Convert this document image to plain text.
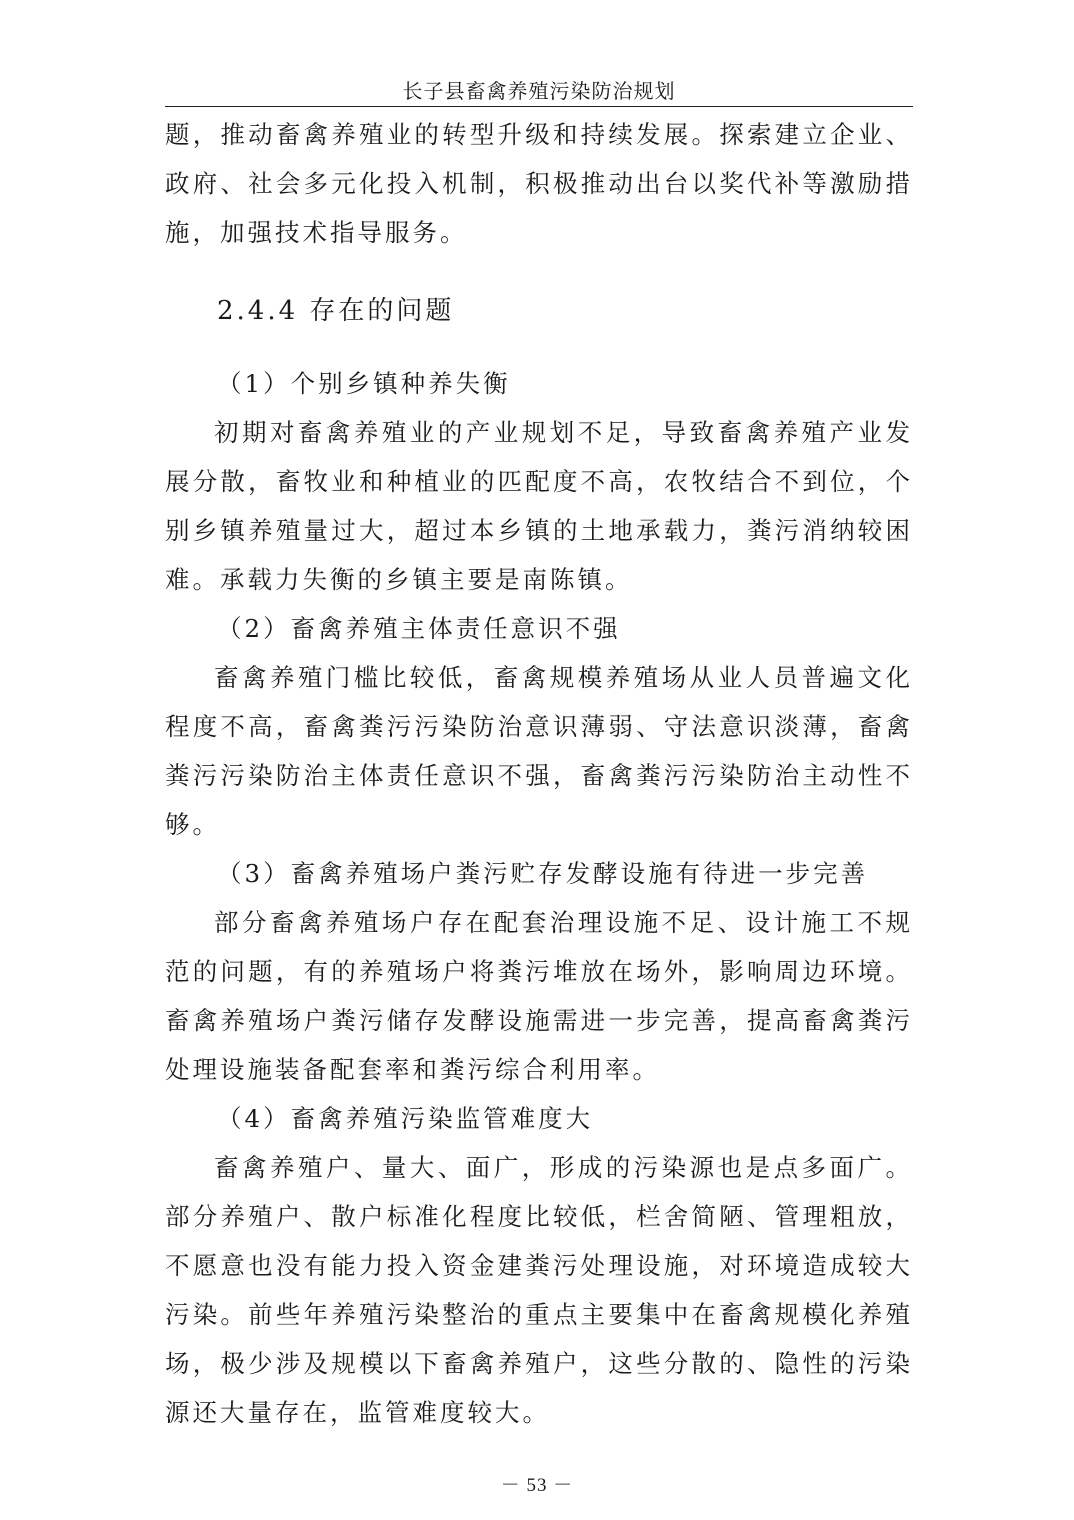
长子县畜禽养殖污染防治规划

题，推动畜禽养殖业的转型升级和持续发展。探索建立企业、政府、社会多元化投入机制，积极推动出台以奖代补等激励措施，加强技术指导服务。

2.4.4 存在的问题

（1）个别乡镇种养失衡

初期对畜禽养殖业的产业规划不足，导致畜禽养殖产业发展分散，畜牧业和种植业的匹配度不高，农牧结合不到位，个别乡镇养殖量过大，超过本乡镇的土地承载力，粪污消纳较困难。承载力失衡的乡镇主要是南陈镇。

（2）畜禽养殖主体责任意识不强

畜禽养殖门槛比较低，畜禽规模养殖场从业人员普遍文化程度不高，畜禽粪污污染防治意识薄弱、守法意识淡薄，畜禽粪污污染防治主体责任意识不强，畜禽粪污污染防治主动性不够。

（3）畜禽养殖场户粪污贮存发酵设施有待进一步完善

部分畜禽养殖场户存在配套治理设施不足、设计施工不规范的问题，有的养殖场户将粪污堆放在场外，影响周边环境。畜禽养殖场户粪污储存发酵设施需进一步完善，提高畜禽粪污处理设施装备配套率和粪污综合利用率。

（4）畜禽养殖污染监管难度大

畜禽养殖户、量大、面广，形成的污染源也是点多面广。部分养殖户、散户标准化程度比较低，栏舍简陋、管理粗放，不愿意也没有能力投入资金建粪污处理设施，对环境造成较大污染。前些年养殖污染整治的重点主要集中在畜禽规模化养殖场，极少涉及规模以下畜禽养殖户，这些分散的、隐性的污染源还大量存在，监管难度较大。

－ 53 －
